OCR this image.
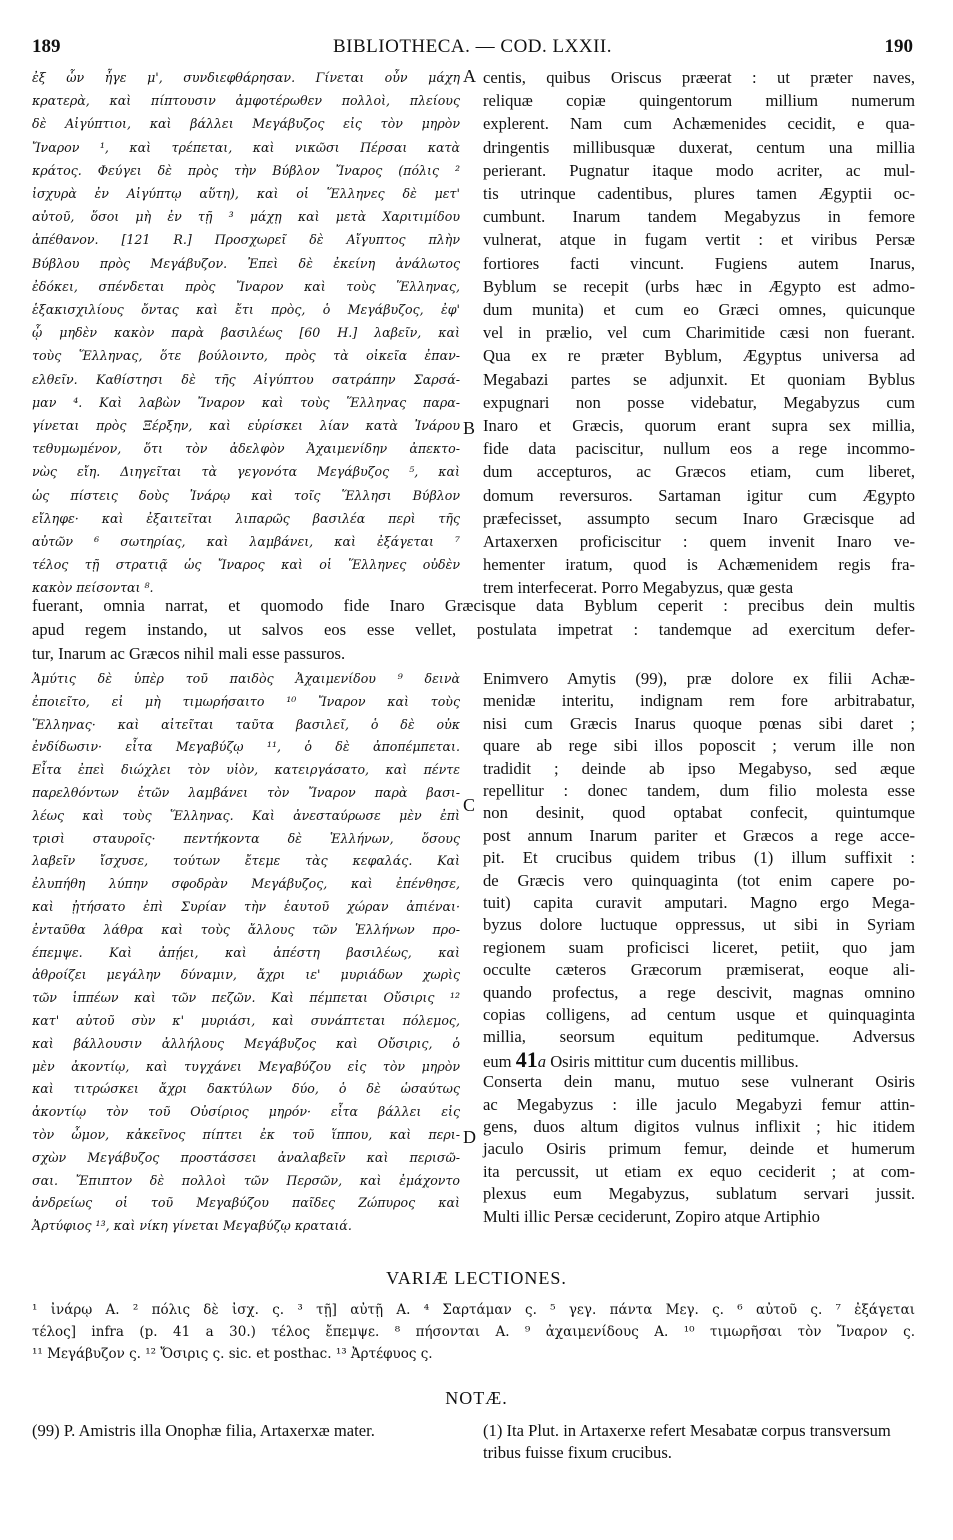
189	BIBLIOTHECA. — COD. LXXII.	190
ἐξ ὧν ἦγε μ', συνδιεφθάρησαν. Γίνεται οὖν μάχη
κρατερὰ, καὶ πίπτουσιν ἀμφοτέρωθεν πολλοὶ, πλείους
δὲ Αἰγύπτιοι, καὶ βάλλει Μεγάβυζος εἰς τὸν μηρὸν
Ἴναρον ¹, καὶ τρέπεται, καὶ νικῶσι Πέρσαι κατὰ
κράτος. Φεύγει δὲ πρὸς τὴν Βύβλον Ἴναρος (πόλις ²
ἰσχυρὰ ἐν Αἰγύπτῳ αὕτη), καὶ οἱ Ἕλληνες δὲ μετ'
αὐτοῦ, ὅσοι μὴ ἐν τῇ ³ μάχῃ καὶ μετὰ Χαριτιμίδου
ἀπέθανον. [121 R.] Προσχωρεῖ δὲ Αἴγυπτος πλὴν
Βύβλου πρὸς Μεγάβυζον. Ἐπεὶ δὲ ἐκείνη ἀνάλωτος
ἐδόκει, σπένδεται πρὸς Ἴναρον καὶ τοὺς Ἕλληνας,
ἑξακισχιλίους ὄντας καὶ ἔτι πρὸς, ὁ Μεγάβυζος, ἐφ'
ᾧ μηδὲν κακὸν παρὰ βασιλέως [60 H.] λαβεῖν, καὶ
τοὺς Ἕλληνας, ὅτε βούλοιντο, πρὸς τὰ οἰκεῖα ἐπαν-
ελθεῖν. Καθίστησι δὲ τῆς Αἰγύπτου σατράπην Σαρσά-
μαν ⁴. Καὶ λαβὼν Ἴναρον καὶ τοὺς Ἕλληνας παρα-
γίνεται πρὸς Ξέρξην, καὶ εὑρίσκει λίαν κατὰ Ἰνάρου
τεθυμωμένον, ὅτι τὸν ἀδελφὸν Ἀχαιμενίδην ἀπεκτο-
νὼς εἴη. Διηγεῖται τὰ γεγονότα Μεγάβυζος ⁵, καὶ
ὡς πίστεις δοὺς Ἰνάρῳ καὶ τοῖς Ἕλλησι Βύβλον
εἴληφε· καὶ ἐξαιτεῖται λιπαρῶς βασιλέα περὶ τῆς
αὐτῶν ⁶ σωτηρίας, καὶ λαμβάνει, καὶ ἐξάγεται ⁷
τέλος τῇ στρατιᾷ ὡς Ἴναρος καὶ οἱ Ἕλληνες οὐδὲν
κακὸν πείσονται ⁸.
centis, quibus Oriscus præerat : ut præter naves,
reliquæ copiæ quingentorum millium numerum
explerent. Nam cum Achæmenides cecidit, e qua-
dringentis millibusquæ duxerat, centum una millia
perierant. Pugnatur itaque modo acriter, ac mul-
tis utrinque cadentibus, plures tamen Ægyptii oc-
cumbunt. Inarum tandem Megabyzus in femore
vulnerat, atque in fugam vertit : et viribus Persæ
fortiores facti vincunt. Fugiens autem Inarus,
Byblum se recepit (urbs hæc in Ægypto est admo-
dum munita) et cum eo Græci omnes, quicunque
vel in prælio, vel cum Charimitide cæsi non fuerant.
Qua ex re præter Byblum, Ægyptus universa ad
Megabazi partes se adjunxit. Et quoniam Byblus
expugnari non posse videbatur, Megabyzus cum
Inaro et Græcis, quorum erant supra sex millia,
fide data paciscitur, nullum eos a rege incommo-
dum accepturos, ac Græcos etiam, cum liberet,
domum reversuros. Sartaman igitur cum Ægypto
præfecisset, assumpto secum Inaro Græcisque ad
Artaxerxen proficiscitur : quem invenit Inaro ve-
hementer iratum, quod is Achæmenidem regis fra-
trem interfecerat. Porro Megabyzus, quæ gesta
A
B
C
D
fuerant, omnia narrat, et quomodo fide Inaro Græcisque data Byblum ceperit : precibus dein multis
apud regem instando, ut salvos eos esse vellet, postulata impetrat : tandemque ad exercitum defer-
tur, Inarum ac Græcos nihil mali esse passuros.
Ἀμύτις δὲ ὑπὲρ τοῦ παιδὸς Ἀχαιμενίδου ⁹ δεινὰ
ἐποιεῖτο, εἰ μὴ τιμωρήσαιτο ¹⁰ Ἴναρον καὶ τοὺς
Ἕλληνας· καὶ αἰτεῖται ταῦτα βασιλεῖ, ὁ δὲ οὐκ
ἐνδίδωσιν· εἶτα Μεγαβύζῳ ¹¹, ὁ δὲ ἀποπέμπεται.
Εἶτα ἐπεὶ διώχλει τὸν υἱὸν, κατειργάσατο, καὶ πέντε
παρελθόντων ἐτῶν λαμβάνει τὸν Ἴναρον παρὰ βασι-
λέως καὶ τοὺς Ἕλληνας. Καὶ ἀνεσταύρωσε μὲν ἐπὶ
τρισὶ σταυροῖς· πεντήκοντα δὲ Ἑλλήνων, ὅσους
λαβεῖν ἴσχυσε, τούτων ἔτεμε τὰς κεφαλάς. Καὶ
ἐλυπήθη λύπην σφοδρὰν Μεγάβυζος, καὶ ἐπένθησε,
καὶ ᾐτήσατο ἐπὶ Συρίαν τὴν ἑαυτοῦ χώραν ἀπιέναι·
ἐνταῦθα λάθρα καὶ τοὺς ἄλλους τῶν Ἑλλήνων προ-
έπεμψε. Καὶ ἀπῄει, καὶ ἀπέστη βασιλέως, καὶ
ἀθροίζει μεγάλην δύναμιν, ἄχρι ιε' μυριάδων χωρὶς
τῶν ἱππέων καὶ τῶν πεζῶν. Καὶ πέμπεται Οὔσιρις ¹²
κατ' αὐτοῦ σὺν κ' μυριάσι, καὶ συνάπτεται πόλεμος,
καὶ βάλλουσιν ἀλλήλους Μεγάβυζος καὶ Οὔσιρις, ὁ
μὲν ἀκοντίῳ, καὶ τυγχάνει Μεγαβύζου εἰς τὸν μηρὸν
καὶ τιτρώσκει ἄχρι δακτύλων δύο, ὁ δὲ ὡσαύτως
ἀκοντίῳ τὸν τοῦ Οὐσίριος μηρόν· εἶτα βάλλει εἰς
τὸν ὦμον, κἀκεῖνος πίπτει ἐκ τοῦ ἵππου, καὶ περι-
σχὼν Μεγάβυζος προστάσσει ἀναλαβεῖν καὶ περισῶ-
σαι. Ἔπιπτον δὲ πολλοὶ τῶν Περσῶν, καὶ ἐμάχοντο
ἀνδρείως οἱ τοῦ Μεγαβύζου παῖδες Ζώπυρος καὶ
Ἀρτύφιος ¹³, καὶ νίκη γίνεται Μεγαβύζῳ κραταιά.
Enimvero Amytis (99), præ dolore ex filii Achæ-
menidæ interitu, indignam rem fore arbitrabatur,
nisi cum Græcis Inarus quoque pœnas sibi daret ;
quare ab rege sibi illos poposcit ; verum ille non
tradidit ; deinde ab ipso Megabyso, sed æque
repellitur : donec tandem, dum filio molesta esse
non desinit, quod optabat confecit, quintumque
post annum Inarum pariter et Græcos a rege acce-
pit. Et crucibus quidem tribus (1) illum suffixit :
de Græcis vero quinquaginta (tot enim capere po-
tuit) capita curavit amputari. Magno ergo Mega-
byzus dolore luctuque oppressus, ut sibi in Syriam
regionem suam proficisci liceret, petiit, quo jam
occulte cæteros Græcorum præmiserat, eoque ali-
quando profectus, a rege descivit, magnas omnino
copias colligens, ad centum usque et quinquaginta
millia, seorsum equitum peditumque. Adversus
eum 41a Osiris mittitur cum ducentis millibus.
Conserta dein manu, mutuo sese vulnerant Osiris
ac Megabyzus : ille jaculo Megabyzi femur attin-
gens, duos altum digitos vulnus inflixit ; hic itidem
jaculo Osiris primum femur, deinde et humerum
ita percussit, ut etiam ex equo ceciderit ; at com-
plexus eum Megabyzus, sublatum servari jussit.
Multi illic Persæ ceciderunt, Zopiro atque Artiphio
VARIÆ LECTIONES.
¹ ἰνάρῳ A. ² πόλις δὲ ἰσχ. ς. ³ τῇ] αὐτῇ A. ⁴ Σαρτάμαν ς. ⁵ γεγ. πάντα Μεγ. ς. ⁶ αὐτοῦ ς. ⁷ ἐξάγεται
τέλος] infra (p. 41 a 30.) τέλος ἔπεμψε. ⁸ πήσονται A. ⁹ ἀχαιμενίδους A. ¹⁰ τιμωρῆσαι τὸν Ἴναρον ς.
¹¹ Μεγάβυζον ς. ¹² Ὄσιρις ς. sic. et posthac. ¹³ Ἀρτέφυος ς.
NOTÆ.
(99) P. Amistris illa Onophæ filia, Artaxerxæ mater.	(1) Ita Plut. in Artaxerxe refert Mesabatæ corpus transversum tribus fuisse fixum crucibus.
